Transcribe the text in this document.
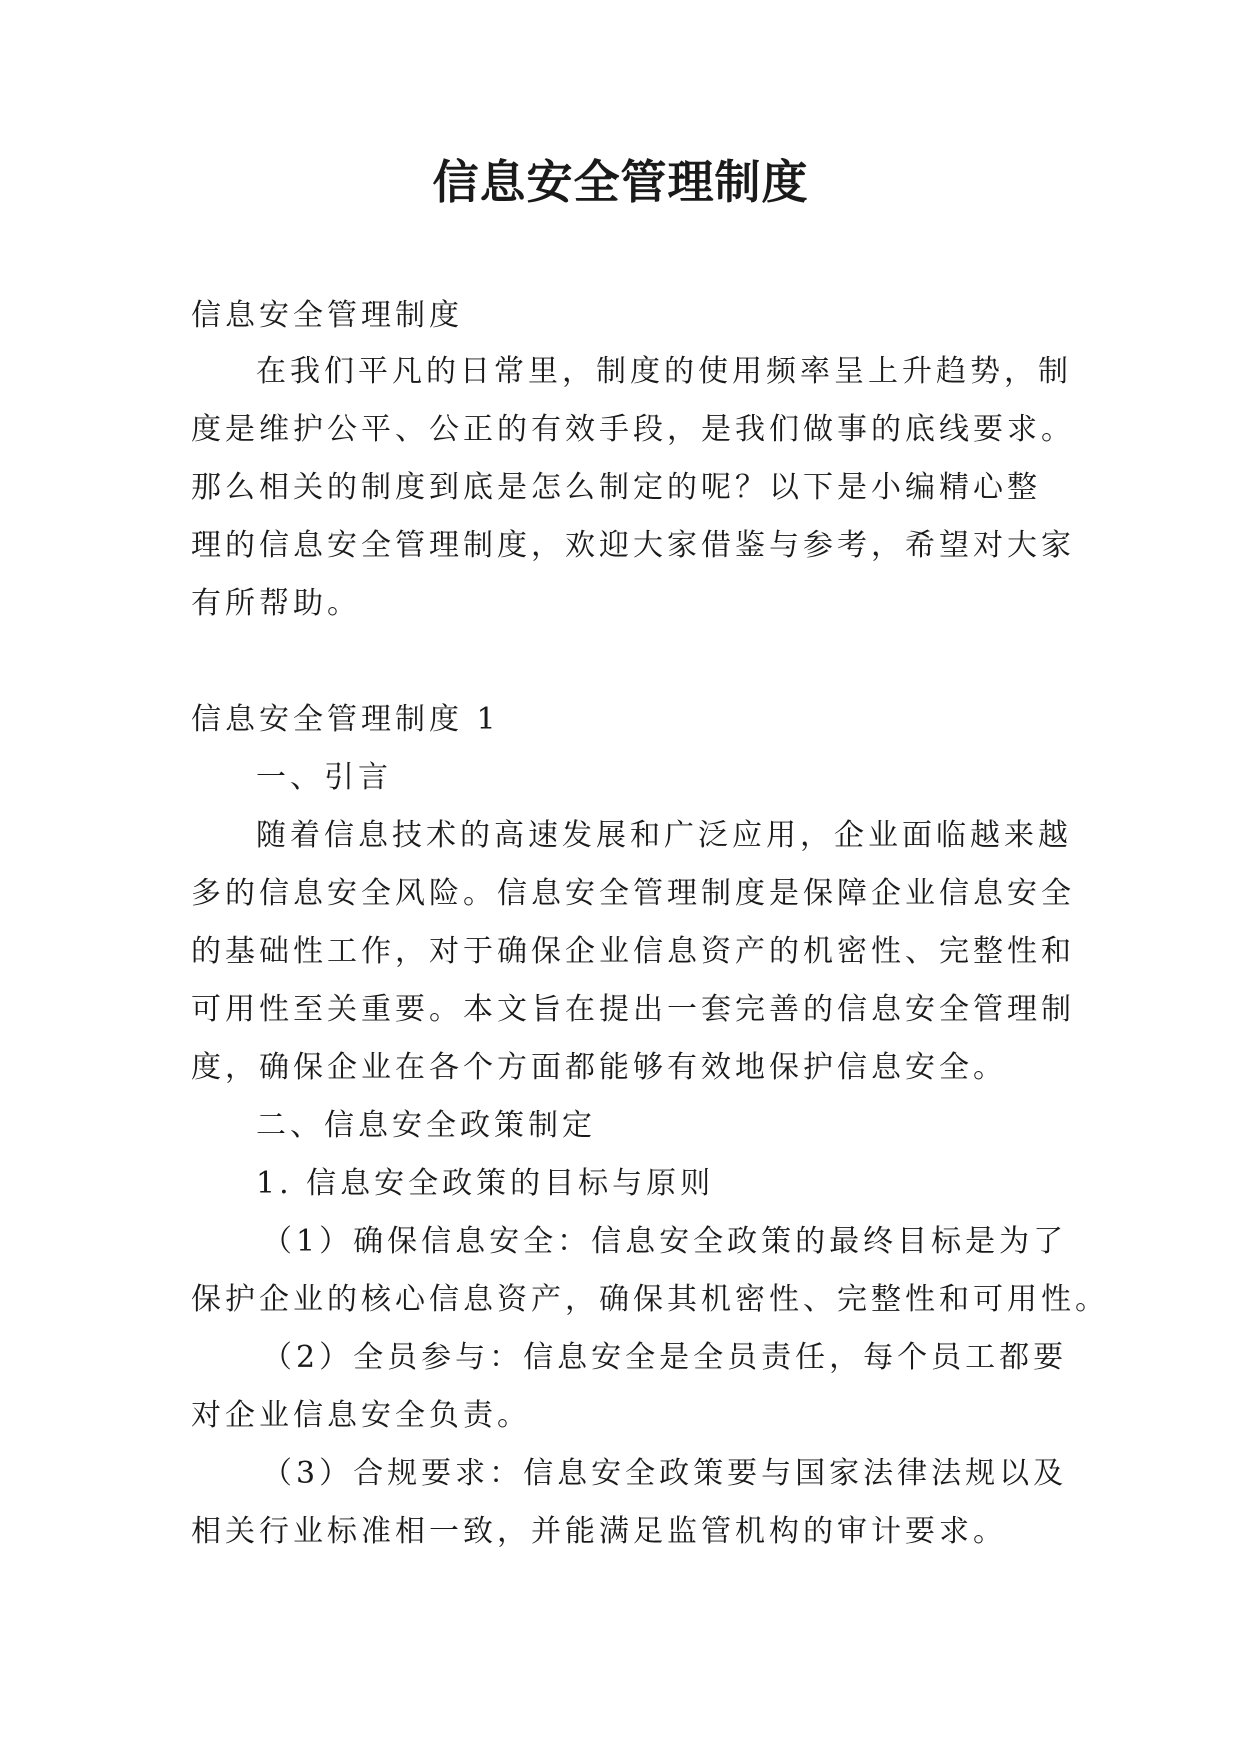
信息安全管理制度

信息安全管理制度

在我们平凡的日常里，制度的使用频率呈上升趋势，制

度是维护公平、公正的有效手段，是我们做事的底线要求。

那么相关的制度到底是怎么制定的呢？以下是小编精心整

理的信息安全管理制度，欢迎大家借鉴与参考，希望对大家

有所帮助。

信息安全管理制度 1

一、引言

随着信息技术的高速发展和广泛应用，企业面临越来越

多的信息安全风险。信息安全管理制度是保障企业信息安全

的基础性工作，对于确保企业信息资产的机密性、完整性和

可用性至关重要。本文旨在提出一套完善的信息安全管理制

度，确保企业在各个方面都能够有效地保护信息安全。

二、信息安全政策制定

1. 信息安全政策的目标与原则

（1）确保信息安全：信息安全政策的最终目标是为了

保护企业的核心信息资产，确保其机密性、完整性和可用性。

（2）全员参与：信息安全是全员责任，每个员工都要

对企业信息安全负责。

（3）合规要求：信息安全政策要与国家法律法规以及

相关行业标准相一致，并能满足监管机构的审计要求。
